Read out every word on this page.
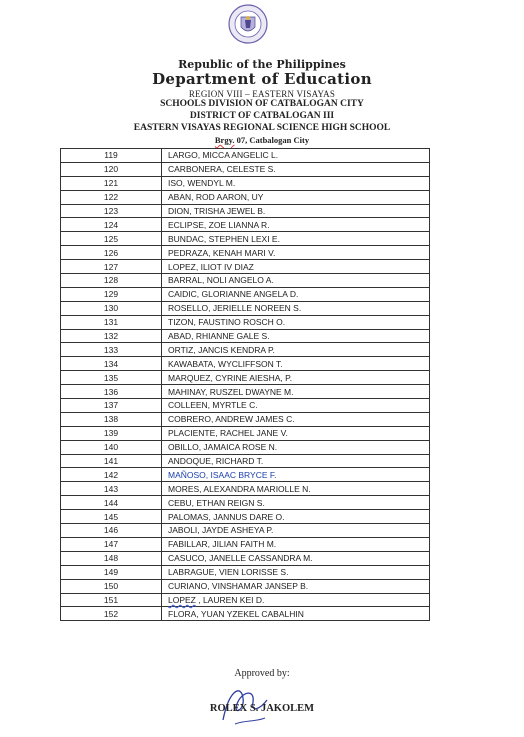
Republic of the Philippines
Department of Education
REGION VIII – EASTERN VISAYAS
SCHOOLS DIVISION OF CATBALOGAN CITY
DISTRICT OF CATBALOGAN III
EASTERN VISAYAS REGIONAL SCIENCE HIGH SCHOOL
Brgy. 07, Catbalogan City
119	LARGO, MICCA ANGELIC L.
120	CARBONERA, CELESTE S.
121	ISO, WENDYL M.
122	ABAN, ROD AARON, UY
123	DION, TRISHA JEWEL B.
124	ECLIPSE, ZOE LIANNA R.
125	BUNDAC, STEPHEN LEXI E.
126	PEDRAZA, KENAH MARI V.
127	LOPEZ, ILIOT IV DIAZ
128	BARRAL, NOLI ANGELO A.
129	CAIDIC, GLORIANNE ANGELA D.
130	ROSELLO, JERIELLE NOREEN S.
131	TIZON, FAUSTINO ROSCH O.
132	ABAD, RHIANNE GALE S.
133	ORTIZ, JANCIS KENDRA P.
134	KAWABATA, WYCLIFFSON T.
135	MARQUEZ, CYRINE AIESHA, P.
136	MAHINAY, RUSZEL DWAYNE M.
137	COLLEEN, MYRTLE C.
138	COBRERO, ANDREW JAMES C.
139	PLACIENTE, RACHEL JANE V.
140	OBILLO, JAMAICA ROSE N.
141	ANDOQUE, RICHARD T.
142	MAÑOSO, ISAAC BRYCE F.
143	MORES, ALEXANDRA MARIOLLE N.
144	CEBU, ETHAN REIGN S.
145	PALOMAS, JANNUS DARE O.
146	JABOLI, JAYDE ASHEYA P.
147	FABILLAR, JILIAN FAITH M.
148	CASUCO, JANELLE CASSANDRA M.
149	LABRAGUE, VIEN LORISSE S.
150	CURIANO, VINSHAMAR JANSEP B.
151	LOPEZ , LAUREN KEI D.
152	FLORA, YUAN YZEKEL CABALHIN
Approved by:
ROLEX S. JAKOLEM
